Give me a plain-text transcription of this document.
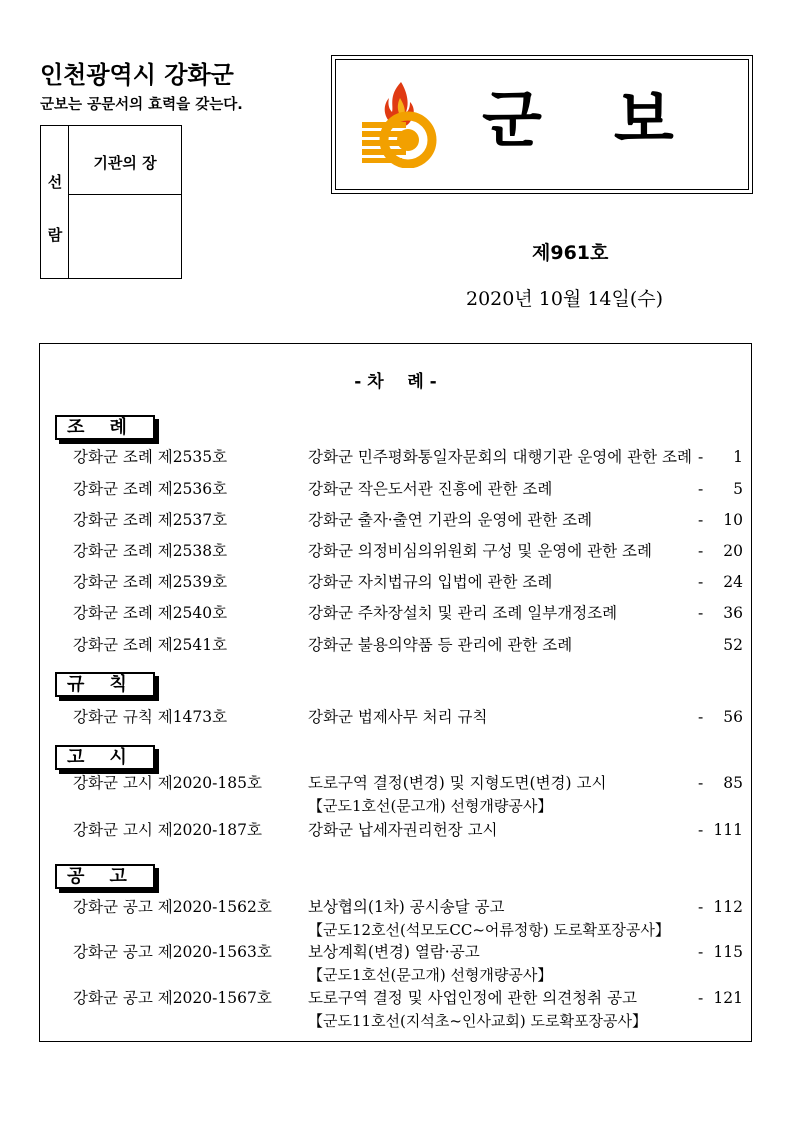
인천광역시 강화군
군보는 공문서의 효력을 갖는다.
선
람
기관의 장
군보
제961호
2020년 10월 14일(수)
- 차    례 -
조    례
강화군 조례 제2535호	강화군 민주평화통일자문회의 대행기관 운영에 관한 조례 - 1
강화군 조례 제2536호	강화군 작은도서관 진흥에 관한 조례	- 5
강화군 조례 제2537호	강화군 출자·출연 기관의 운영에 관한 조례	- 10
강화군 조례 제2538호	강화군 의정비심의위원회 구성 및 운영에 관한 조례	- 20
강화군 조례 제2539호	강화군 자치법규의 입법에 관한 조례	- 24
강화군 조례 제2540호	강화군 주차장설치 및 관리 조례 일부개정조례	- 36
강화군 조례 제2541호	강화군 불용의약품 등 관리에 관한 조례	52
규    칙
강화군 규칙 제1473호	강화군 법제사무 처리 규칙	- 56
고    시
강화군 고시 제2020-185호	도로구역 결정(변경) 및 지형도면(변경) 고시	- 85
【군도1호선(문고개) 선형개량공사】
강화군 고시 제2020-187호	강화군 납세자권리헌장 고시	- 111
공    고
강화군 공고 제2020-1562호 보상협의(1차) 공시송달 공고	- 112
【군도12호선(석모도CC~어류정항) 도로확포장공사】
강화군 공고 제2020-1563호 보상계획(변경) 열람·공고	- 115
【군도1호선(문고개) 선형개량공사】
강화군 공고 제2020-1567호 도로구역 결정 및 사업인정에 관한 의견청취 공고	- 121
【군도11호선(지석초~인사교회) 도로확포장공사】
